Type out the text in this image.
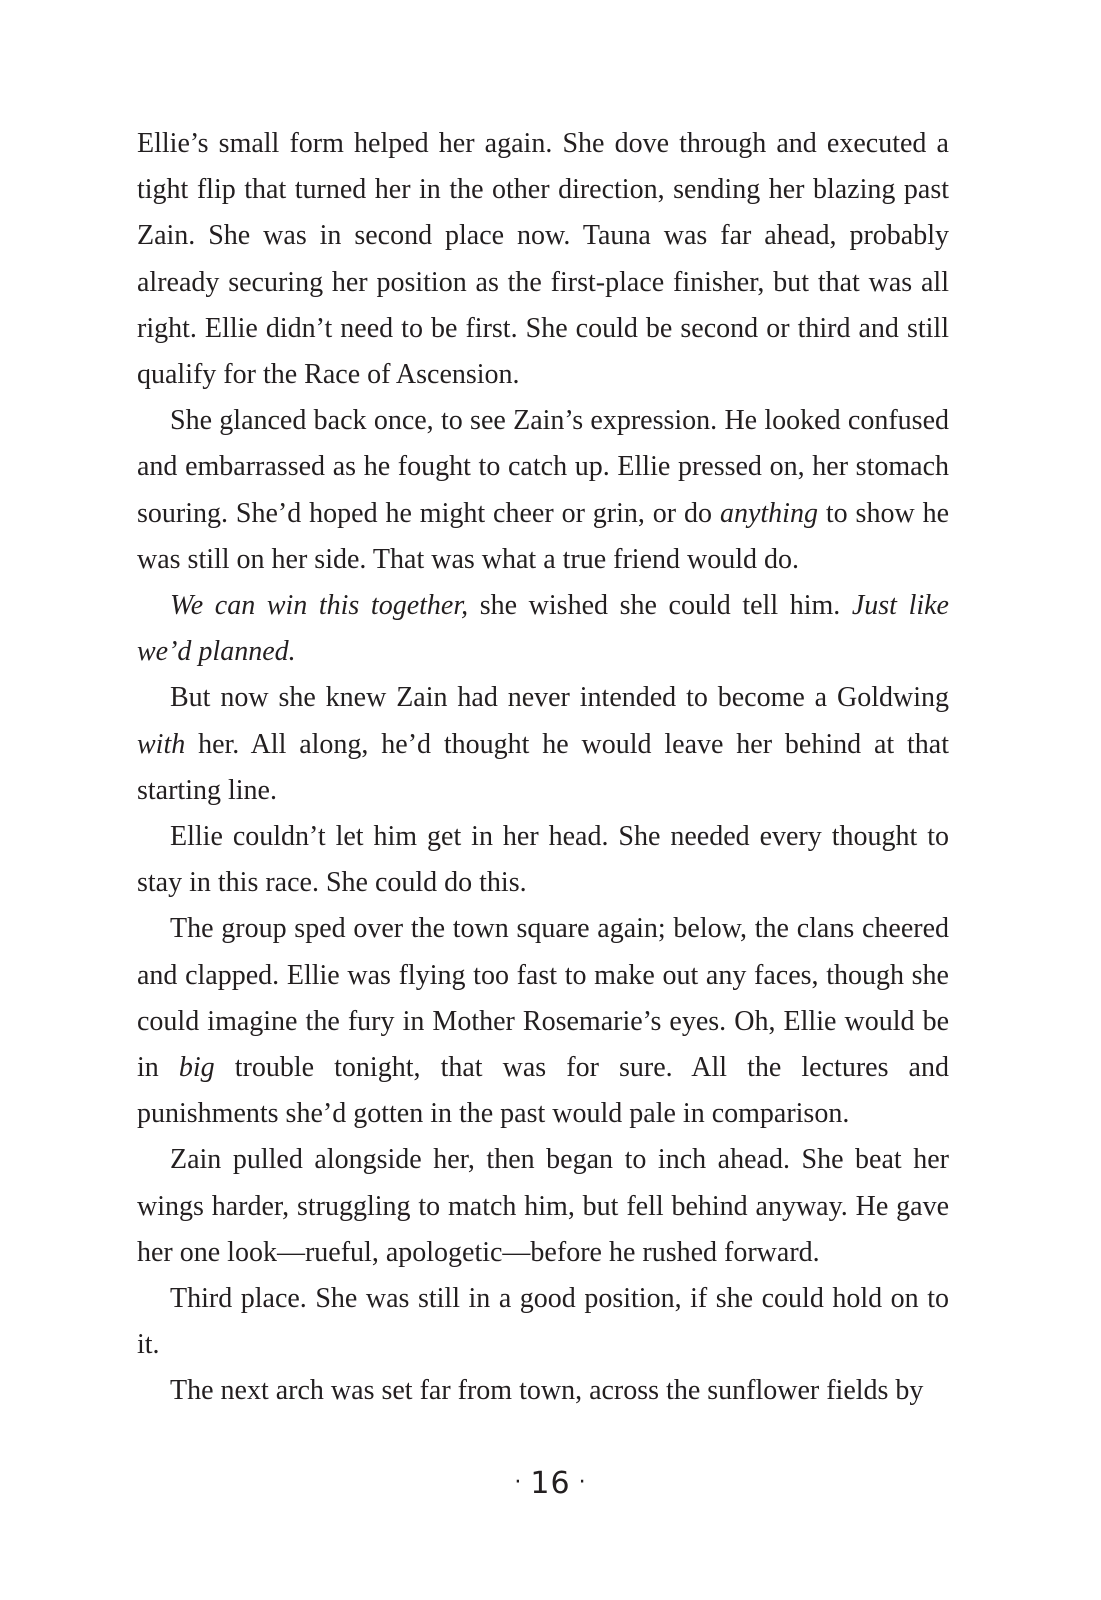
Ellie’s small form helped her again. She dove through and executed a tight flip that turned her in the other direction, sending her blazing past Zain. She was in second place now. Tauna was far ahead, probably already securing her position as the first-place finisher, but that was all right. Ellie didn’t need to be first. She could be second or third and still qualify for the Race of Ascension.

She glanced back once, to see Zain’s expression. He looked confused and embarrassed as he fought to catch up. Ellie pressed on, her stomach souring. She’d hoped he might cheer or grin, or do anything to show he was still on her side. That was what a true friend would do.

We can win this together, she wished she could tell him. Just like we’d planned.

But now she knew Zain had never intended to become a Goldwing with her. All along, he’d thought he would leave her behind at that starting line.

Ellie couldn’t let him get in her head. She needed every thought to stay in this race. She could do this.

The group sped over the town square again; below, the clans cheered and clapped. Ellie was flying too fast to make out any faces, though she could imagine the fury in Mother Rosemarie’s eyes. Oh, Ellie would be in big trouble tonight, that was for sure. All the lectures and punishments she’d gotten in the past would pale in comparison.

Zain pulled alongside her, then began to inch ahead. She beat her wings harder, struggling to match him, but fell behind anyway. He gave her one look—rueful, apologetic—before he rushed forward.

Third place. She was still in a good position, if she could hold on to it.

The next arch was set far from town, across the sunflower fields by

· 16 ·
